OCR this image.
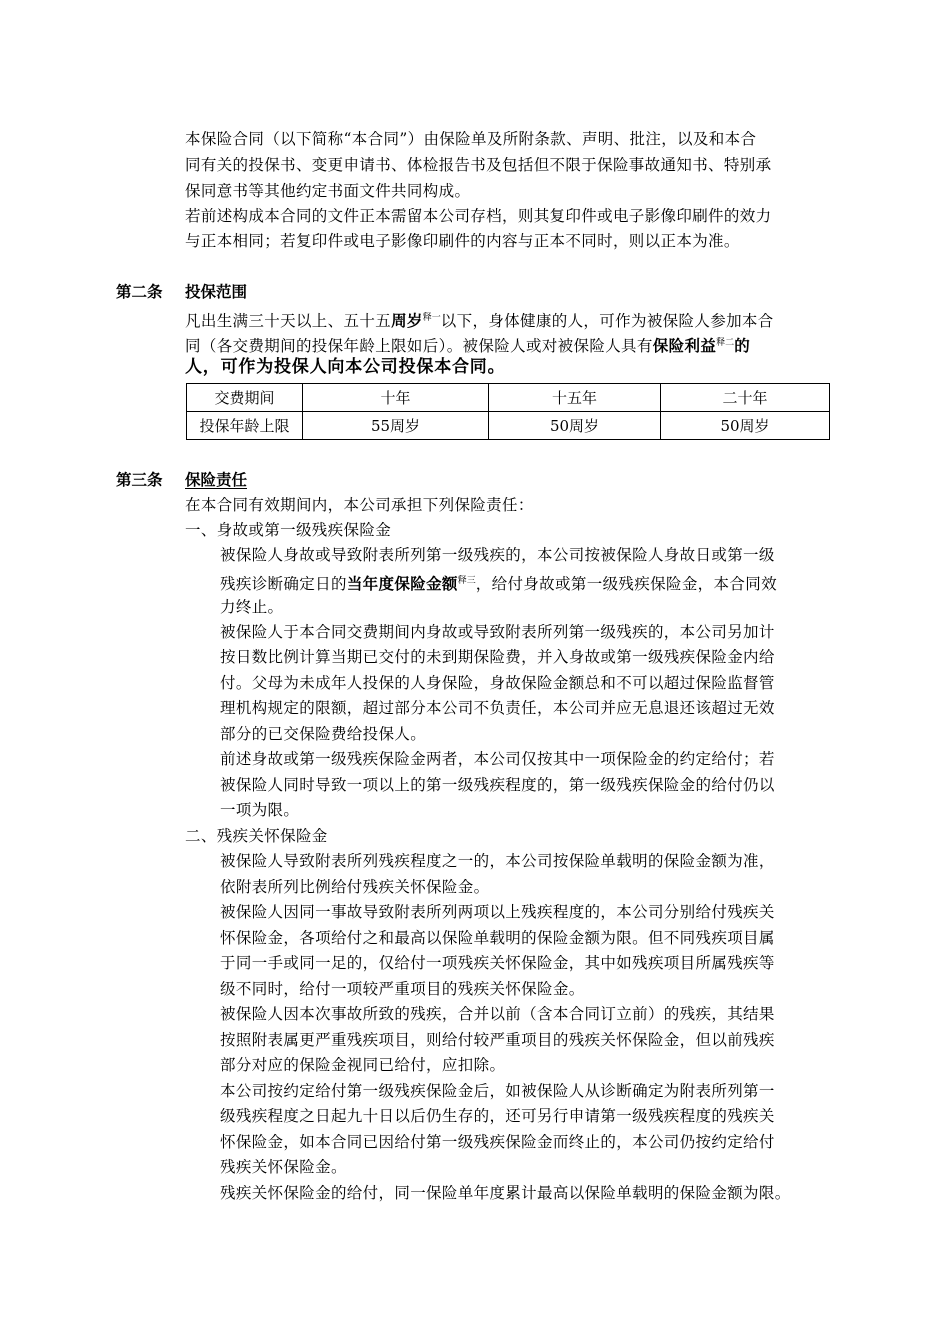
本保险合同（以下简称“本合同”）由保险单及所附条款、声明、批注，以及和本合
同有关的投保书、变更申请书、体检报告书及包括但不限于保险事故通知书、特别承
保同意书等其他约定书面文件共同构成。
若前述构成本合同的文件正本需留本公司存档，则其复印件或电子影像印刷件的效力
与正本相同；若复印件或电子影像印刷件的内容与正本不同时，则以正本为准。
第二条 投保范围
凡出生满三十天以上、五十五周岁$^{释一}$以下，身体健康的人，可作为被保险人参加本合
同（各交费期间的投保年龄上限如后）。被保险人或对被保险人具有保险利益$^{释二}$的
人，可作为投保人向本公司投保本合同。
交费期间	十年	十五年	二十年
投保年龄上限	55周岁	50周岁	50周岁
第三条 保险责任
在本合同有效期间内，本公司承担下列保险责任：
一、身故或第一级残疾保险金
被保险人身故或导致附表所列第一级残疾的，本公司按被保险人身故日或第一级
残疾诊断确定日的当年度保险金额$^{释三}$，给付身故或第一级残疾保险金，本合同效
力终止。
被保险人于本合同交费期间内身故或导致附表所列第一级残疾的，本公司另加计
按日数比例计算当期已交付的未到期保险费，并入身故或第一级残疾保险金内给
付。父母为未成年人投保的人身保险，身故保险金额总和不可以超过保险监督管
理机构规定的限额，超过部分本公司不负责任，本公司并应无息退还该超过无效
部分的已交保险费给投保人。
前述身故或第一级残疾保险金两者，本公司仅按其中一项保险金的约定给付；若
被保险人同时导致一项以上的第一级残疾程度的，第一级残疾保险金的给付仍以
一项为限。
二、残疾关怀保险金
被保险人导致附表所列残疾程度之一的，本公司按保险单载明的保险金额为准，
依附表所列比例给付残疾关怀保险金。
被保险人因同一事故导致附表所列两项以上残疾程度的，本公司分别给付残疾关
怀保险金，各项给付之和最高以保险单载明的保险金额为限。但不同残疾项目属
于同一手或同一足的，仅给付一项残疾关怀保险金，其中如残疾项目所属残疾等
级不同时，给付一项较严重项目的残疾关怀保险金。
被保险人因本次事故所致的残疾，合并以前（含本合同订立前）的残疾，其结果
按照附表属更严重残疾项目，则给付较严重项目的残疾关怀保险金，但以前残疾
部分对应的保险金视同已给付，应扣除。
本公司按约定给付第一级残疾保险金后，如被保险人从诊断确定为附表所列第一
级残疾程度之日起九十日以后仍生存的，还可另行申请第一级残疾程度的残疾关
怀保险金，如本合同已因给付第一级残疾保险金而终止的，本公司仍按约定给付
残疾关怀保险金。
残疾关怀保险金的给付，同一保险单年度累计最高以保险单载明的保险金额为限。
